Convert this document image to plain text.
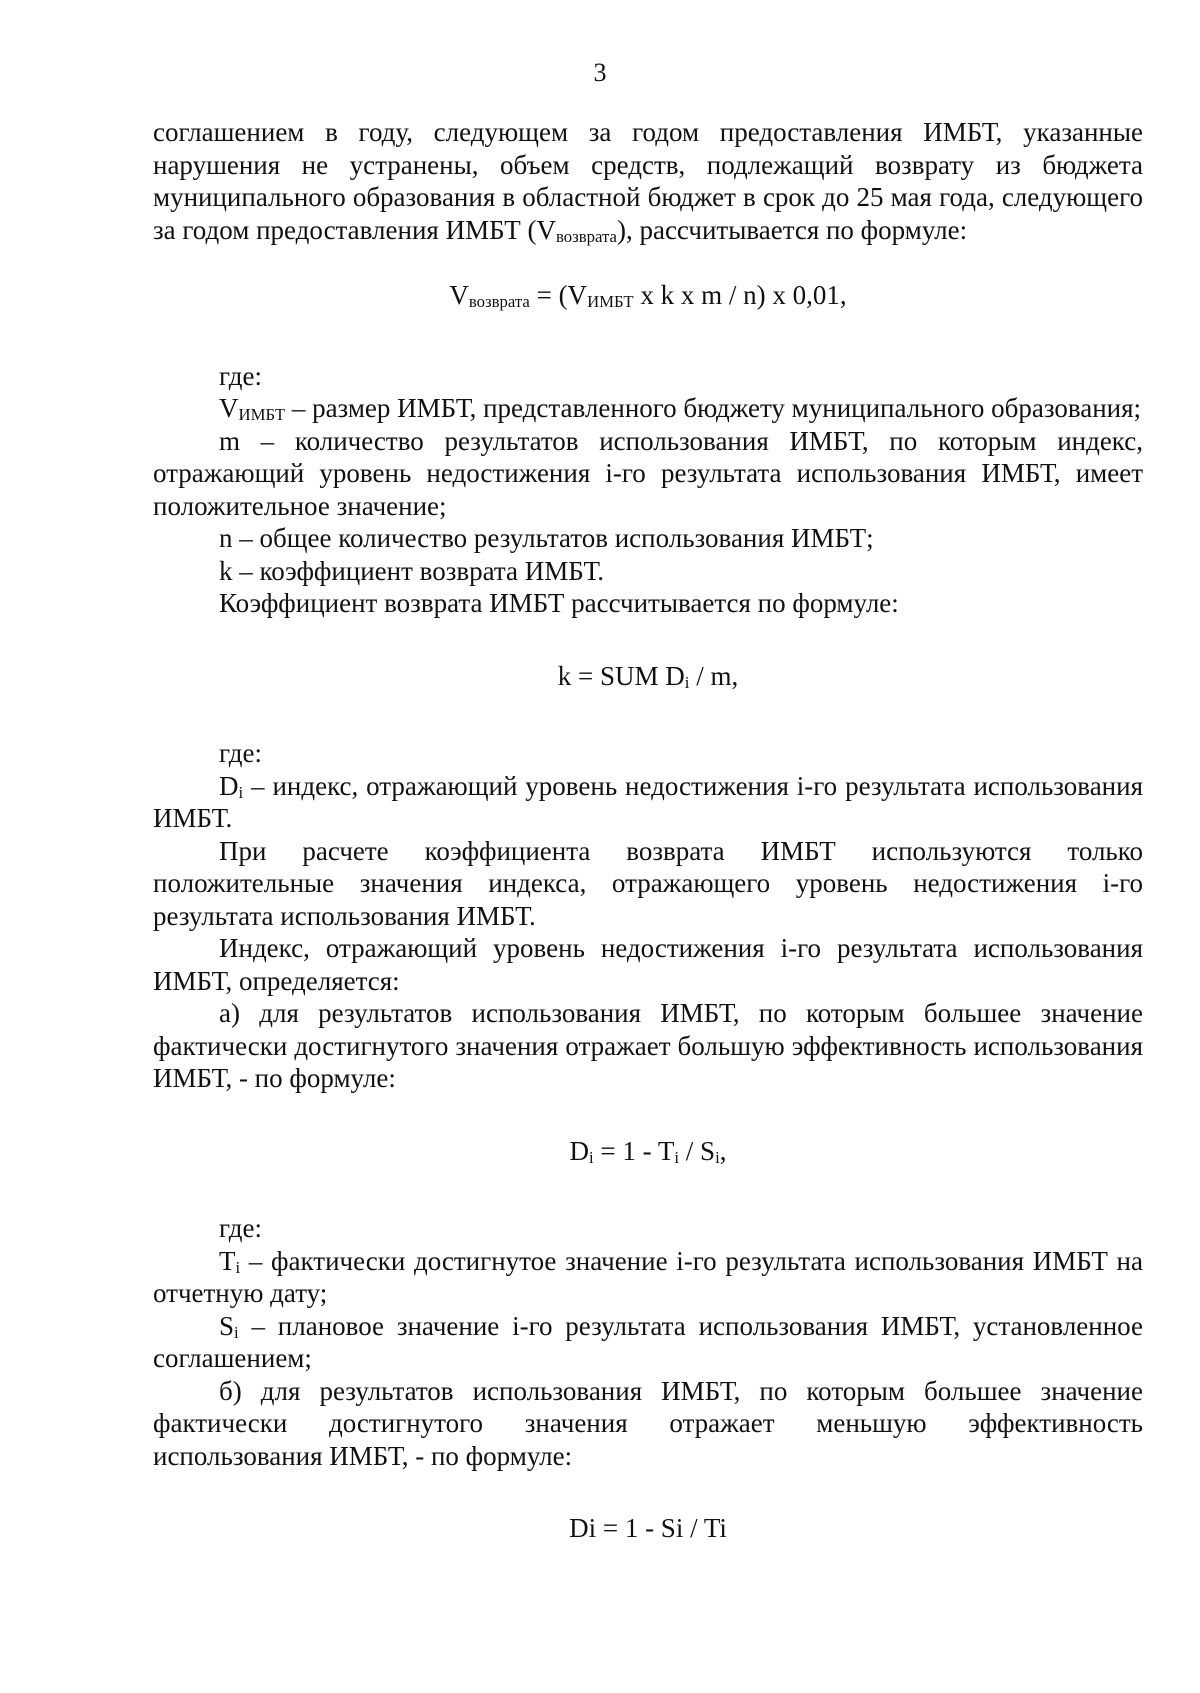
3

соглашением в году, следующем за годом предоставления ИМБТ, указанные нарушения не устранены, объем средств, подлежащий возврату из бюджета муниципального образования в областной бюджет в срок до 25 мая года, следующего за годом предоставления ИМБТ $(V_{возврата})$, рассчитывается по формуле:

$V_{возврата} = (V_{ИМБТ}$ x k x m / n) x 0,01,

где:

$V_{ИМБТ}$ – размер ИМБТ, представленного бюджету муниципального образования;

m – количество результатов использования ИМБТ, по которым индекс, отражающий уровень недостижения i-го результата использования ИМБТ, имеет положительное значение;

n – общее количество результатов использования ИМБТ;

k – коэффициент возврата ИМБТ.

Коэффициент возврата ИМБТ рассчитывается по формуле:

k = SUM $D_i$ / m,

где:

$D_i$ – индекс, отражающий уровень недостижения i-го результата использования ИМБТ.

При расчете коэффициента возврата ИМБТ используются только положительные значения индекса, отражающего уровень недостижения i-го результата использования ИМБТ.

Индекс, отражающий уровень недостижения i-го результата использования ИМБТ, определяется:

а) для результатов использования ИМБТ, по которым большее значение фактически достигнутого значения отражает большую эффективность использования ИМБТ, - по формуле:

$D_i = 1 - T_i / S_i$,

где:

$T_i$ – фактически достигнутое значение i-го результата использования ИМБТ на отчетную дату;

$S_i$ – плановое значение i-го результата использования ИМБТ, установленное соглашением;

б) для результатов использования ИМБТ, по которым большее значение фактически достигнутого значения отражает меньшую эффективность использования ИМБТ, - по формуле:

Di = 1 - Si / Ti
